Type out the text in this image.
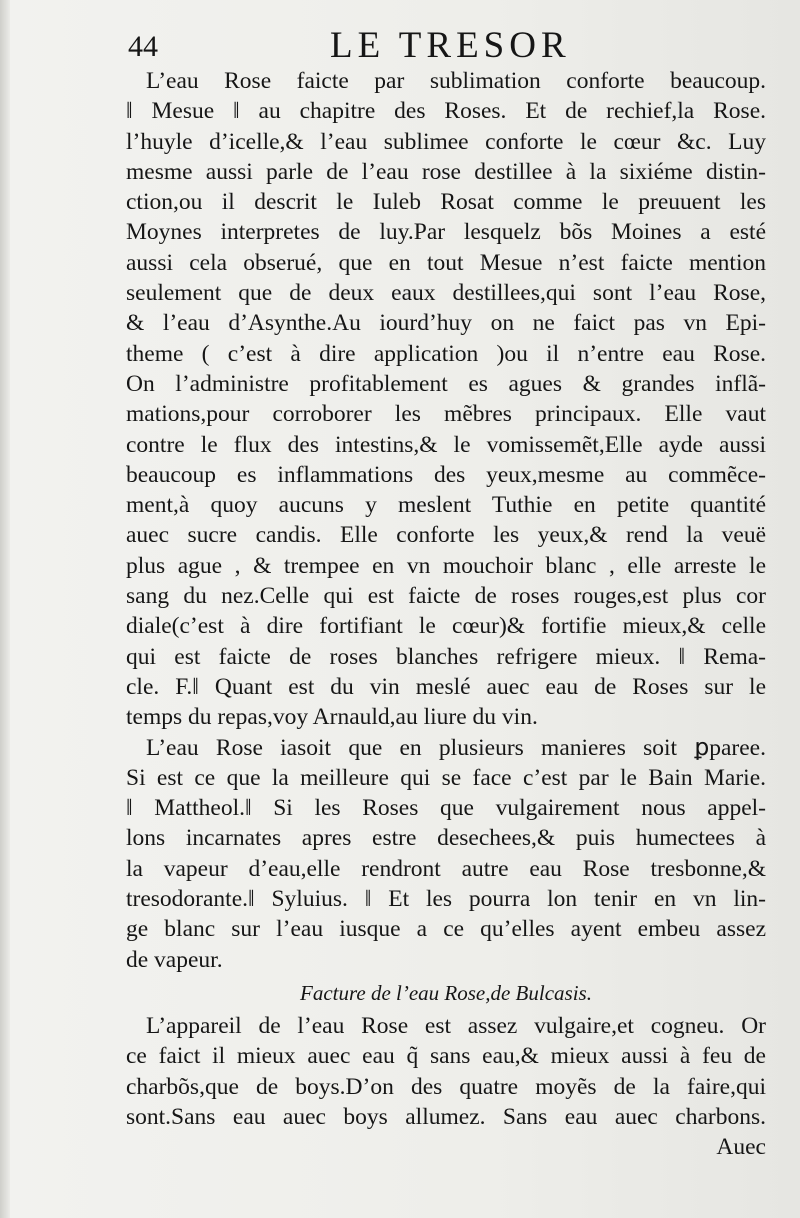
44	LE TRESOR
L’eau Rose faicte par sublimation conforte beaucoup.
‖ Mesue ‖ au chapitre des Roses. Et de rechief,la Rose.
l’huyle d’icelle,& l’eau sublimee conforte le cœur &c. Luy
mesme aussi parle de l’eau rose destillee à la sixiéme distin-
ction,ou il descrit le Iuleb Rosat comme le preuuent les
Moynes interpretes de luy.Par lesquelz bõs Moines a esté
aussi cela obserué, que en tout Mesue n’est faicte mention
seulement que de deux eaux destillees,qui sont l’eau Rose,
& l’eau d’Asynthe.Au iourd’huy on ne faict pas vn Epi-
theme ( c’est à dire application )ou il n’entre eau Rose.
On l’administre profitablement es agues & grandes inflã-
mations,pour corroborer les mẽbres principaux. Elle vaut
contre le flux des intestins,& le vomissemẽt,Elle ayde aussi
beaucoup es inflammations des yeux,mesme au commẽce-
ment,à quoy aucuns y meslent Tuthie en petite quantité
auec sucre candis. Elle conforte les yeux,& rend la veuë
plus ague , & trempee en vn mouchoir blanc , elle arreste le
sang du nez.Celle qui est faicte de roses rouges,est plus cor
diale(c’est à dire fortifiant le cœur)& fortifie mieux,& celle
qui est faicte de roses blanches refrigere mieux. ‖ Rema-
cle. F.‖ Quant est du vin meslé auec eau de Roses sur le
temps du repas,voy Arnauld,au liure du vin.
L’eau Rose iasoit que en plusieurs manieres soit ꝑparee.
Si est ce que la meilleure qui se face c’est par le Bain Marie.
‖ Mattheol.‖ Si les Roses que vulgairement nous appel-
lons incarnates apres estre desechees,& puis humectees à
la vapeur d’eau,elle rendront autre eau Rose tresbonne,&
tresodorante.‖ Syluius. ‖ Et les pourra lon tenir en vn lin-
ge blanc sur l’eau iusque a ce qu’elles ayent embeu assez
de vapeur.
Facture de l’eau Rose,de Bulcasis.
L’appareil de l’eau Rose est assez vulgaire,et cogneu. Or
ce faict il mieux auec eau q̃ sans eau,& mieux aussi à feu de
charbõs,que de boys.D’on des quatre moyẽs de la faire,qui
sont.Sans eau auec boys allumez. Sans eau auec charbons.
Auec
